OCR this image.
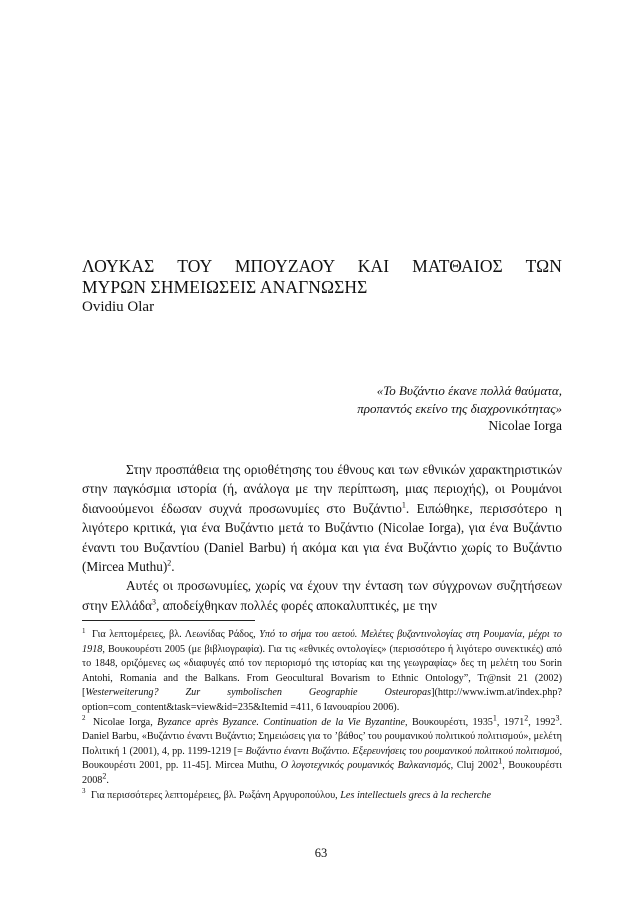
ΛΟΥΚΑΣ ΤΟΥ ΜΠΟΥΖΑΟΥ ΚΑΙ ΜΑΤΘΑΙΟΣ ΤΩΝ
ΜΥΡΩΝ ΣΗΜΕΙΩΣΕΙΣ ΑΝΑΓΝΩΣΗΣ
Ovidiu Olar
«Το Βυζάντιο έκανε πολλά θαύματα,
προπαντός εκείνο της διαχρονικότητας»
Nicolae Iorga

Στην προσπάθεια της οριοθέτησης του έθνους και των εθνικών χαρακτηριστικών στην παγκόσμια ιστορία (ή, ανάλογα με την περίπτωση, μιας περιοχής), οι Ρουμάνοι διανοούμενοι έδωσαν συχνά προσωνυμίες στο Βυζάντιο$^1$. Ειπώθηκε, περισσότερο η λιγότερο κριτικά, για ένα Βυζάντιο μετά το Βυζάντιο (Nicolae Iorga), για ένα Βυζάντιο έναντι του Βυζαντίου (Daniel Barbu) ή ακόμα και για ένα Βυζάντιο χωρίς το Βυζάντιο (Mircea Muthu)$^2$.

Αυτές οι προσωνυμίες, χωρίς να έχουν την ένταση των σύγχρονων συζητήσεων στην Ελλάδα$^3$, αποδείχθηκαν πολλές φορές αποκαλυπτικές, με την

$^1$ Για λεπτομέρειες, βλ. Λεωνίδας Ράδος, Υπό το σήμα του αετού. Μελέτες βυζαντινολογίας στη Ρουμανία, μέχρι το 1918, Βουκουρέστι 2005 (με βιβλιογραφία). Για τις «εθνικές οντολογίες» (περισσότερο ή λιγότερο συνεκτικές) από το 1848, οριζόμενες ως «διαφυγές από τον περιορισμό της ιστορίας και της γεωγραφίας» δες τη μελέτη του Sorin Antohi, Romania and the Balkans. From Geocultural Bovarism to Ethnic Ontology”, Tr@nsit 21 (2002) [Westerweiterung? Zur symbolischen Geographie Osteuropas](http://www.iwm.at/index.php?option=com_content&task=view&id=235&Itemid =411, 6 Ιανουαρίου 2006).

$^2$ Nicolae Iorga, Byzance après Byzance. Continuation de la Vie Byzantine, Βουκουρέστι, 1935$^1$, 1971$^2$, 1992$^3$. Daniel Barbu, «Βυζάντιο έναντι Βυζάντιο; Σημειώσεις για το ’βάθος’ του ρουμανικού πολιτικού πολιτισμού», μελέτη Πολιτική 1 (2001), 4, pp. 1199-1219 [= Βυζάντιο έναντι Βυζάντιο. Εξερευνήσεις του ρουμανικού πολιτικού πολιτισμού, Βουκουρέστι 2001, pp. 11-45]. Mircea Muthu, Ο λογοτεχνικός ρουμανικός Βαλκανισμός, Cluj 2002$^1$, Βουκουρέστι 2008$^2$.

$^3$ Για περισσότερες λεπτομέρειες, βλ. Ρωξάνη Αργυροπούλου, Les intellectuels grecs à la recherche

63
